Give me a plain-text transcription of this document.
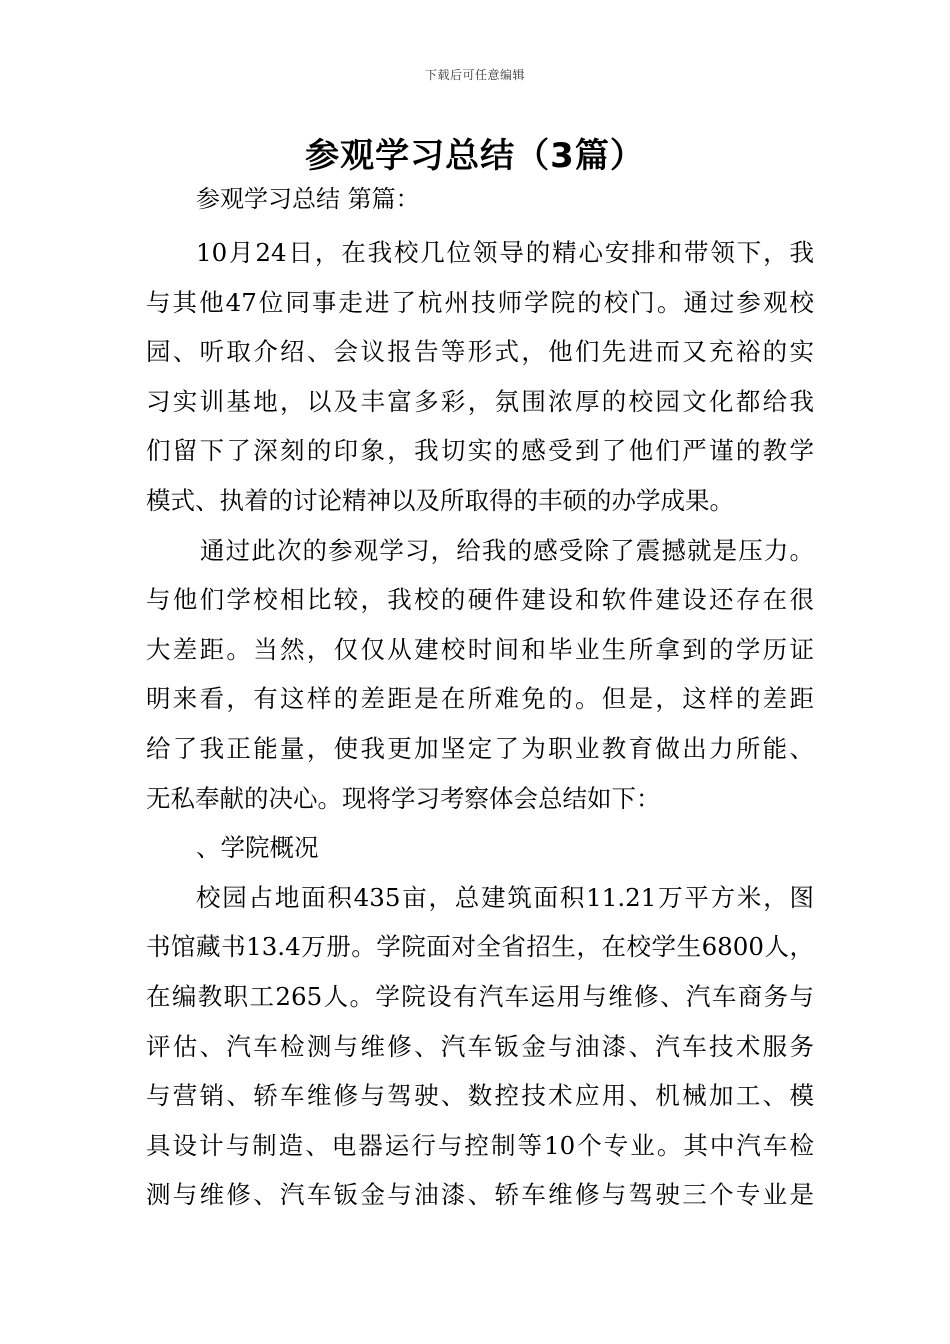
下载后可任意编辑
参观学习总结（3篇）
参观学习总结 第篇：
10月24日，在我校几位领导的精心安排和带领下，我
与其他47位同事走进了杭州技师学院的校门。通过参观校
园、听取介绍、会议报告等形式，他们先进而又充裕的实
习实训基地，以及丰富多彩，氛围浓厚的校园文化都给我
们留下了深刻的印象，我切实的感受到了他们严谨的教学
模式、执着的讨论精神以及所取得的丰硕的办学成果。
通过此次的参观学习，给我的感受除了震撼就是压力。
与他们学校相比较，我校的硬件建设和软件建设还存在很
大差距。当然，仅仅从建校时间和毕业生所拿到的学历证
明来看，有这样的差距是在所难免的。但是，这样的差距
给了我正能量，使我更加坚定了为职业教育做出力所能、
无私奉献的决心。现将学习考察体会总结如下：
、学院概况
校园占地面积435亩，总建筑面积11.21万平方米，图
书馆藏书13.4万册。学院面对全省招生，在校学生6800人，
在编教职工265人。学院设有汽车运用与维修、汽车商务与
评估、汽车检测与维修、汽车钣金与油漆、汽车技术服务
与营销、轿车维修与驾驶、数控技术应用、机械加工、模
具设计与制造、电器运行与控制等10个专业。其中汽车检
测与维修、汽车钣金与油漆、轿车维修与驾驶三个专业是
